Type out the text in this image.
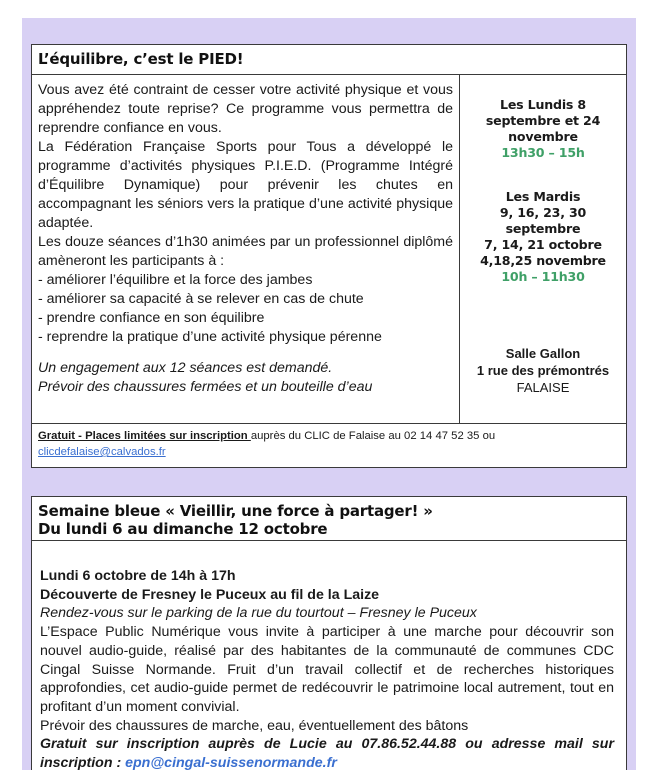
L’équilibre, c’est le PIED!

Vous avez été contraint de cesser votre activité physique et vous appréhendez toute reprise? Ce programme vous permettra de reprendre confiance en vous.

La Fédération Française Sports pour Tous a développé le programme d’activités physiques P.I.E.D. (Programme Intégré d’Équilibre Dynamique) pour prévenir les chutes en accompagnant les séniors vers la pratique d’une activité physique adaptée.

Les douze séances d’1h30 animées par un professionnel diplômé amèneront les participants à :

- améliorer l’équilibre et la force des jambes
- améliorer sa capacité à se relever en cas de chute
- prendre confiance en son équilibre
- reprendre la pratique d’une activité physique pérenne

Un engagement aux 12 séances est demandé.

Prévoir des chaussures fermées et un bouteille d’eau

Les Lundis 8
septembre et 24
novembre
13h30 – 15h
Les Mardis
9, 16, 23, 30
septembre
7, 14, 21 octobre
4,18,25 novembre
10h – 11h30
Salle Gallon
1 rue des prémontrés
FALAISE
Gratuit - Places limitées sur inscription auprès du CLIC de Falaise au 02 14 47 52 35 ou
clicdefalaise@calvados.fr
Semaine bleue « Vieillir, une force à partager! »
Du lundi 6 au dimanche 12 octobre

Lundi 6 octobre de 14h à 17h

Découverte de Fresney le Puceux au fil de la Laize

Rendez-vous sur le parking de la rue du tourtout – Fresney le Puceux

L’Espace Public Numérique vous invite à participer à une marche pour découvrir son nouvel audio-guide, réalisé par des habitantes de la communauté de communes CDC Cingal Suisse Normande. Fruit d’un travail collectif et de recherches historiques approfondies, cet audio-guide permet de redécouvrir le patrimoine local autrement, tout en profitant d’un moment convivial.

Prévoir des chaussures de marche, eau, éventuellement des bâtons

Gratuit sur inscription auprès de Lucie au 07.86.52.44.88 ou adresse mail sur inscription : epn@cingal-suissenormande.fr
